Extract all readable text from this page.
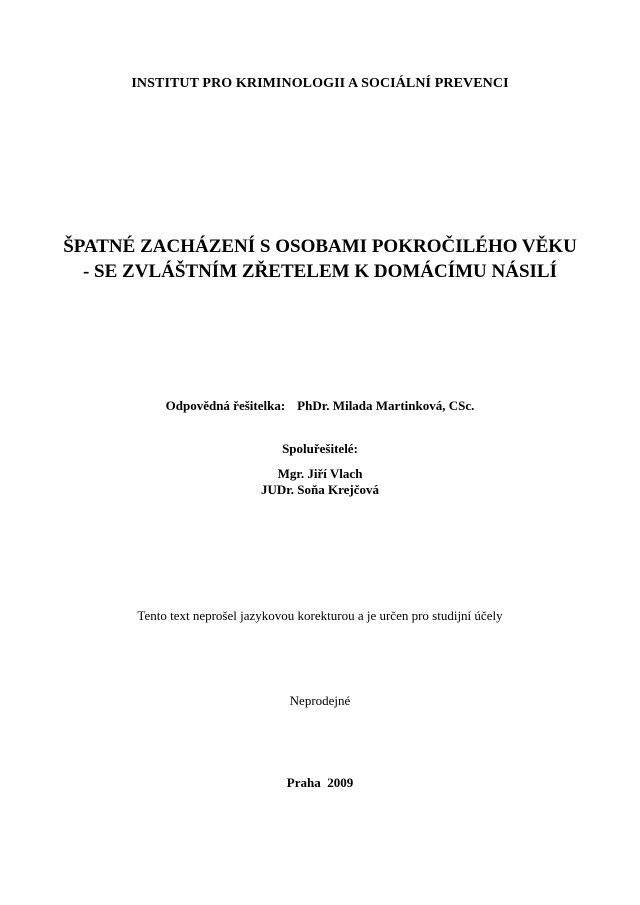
INSTITUT PRO KRIMINOLOGII A SOCIÁLNÍ PREVENCI
ŠPATNÉ ZACHÁZENÍ S OSOBAMI POKROČILÉHO VĚKU
- SE ZVLÁŠTNÍM ZŘETELEM K DOMÁCÍMU NÁSILÍ
Odpovědná řešitelka: PhDr. Milada Martinková, CSc.
Spoluřešitelé:
Mgr. Jiří Vlach
JUDr. Soňa Krejčová
Tento text neprošel jazykovou korekturou a je určen pro studijní účely
Neprodejné
Praha  2009
